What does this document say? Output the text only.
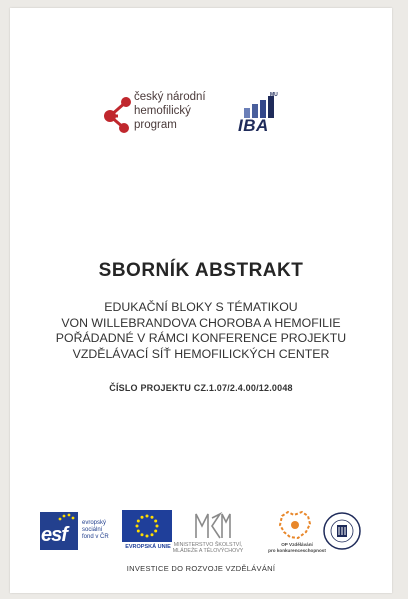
český národní
hemofilický
program
MU
IBA
SBORNÍK ABSTRAKT
EDUKAČNÍ BLOKY S TÉMATIKOU
VON WILLEBRANDOVA CHOROBA A HEMOFILIE
POŘÁDADNÉ V RÁMCI KONFERENCE PROJEKTU
VZDĚLÁVACÍ SÍŤ HEMOFILICKÝCH CENTER
ČÍSLO PROJEKTU CZ.1.07/2.4.00/12.0048
esf
evropský
sociální
fond v ČR
EVROPSKÁ UNIE MINISTERSTVO ŠKOLSTVÍ,
MLÁDEŽE A TĚLOVÝCHOVY
OP Vzdělávání
pro konkurenceschopnost
INVESTICE DO ROZVOJE VZDĚLÁVÁNÍ
